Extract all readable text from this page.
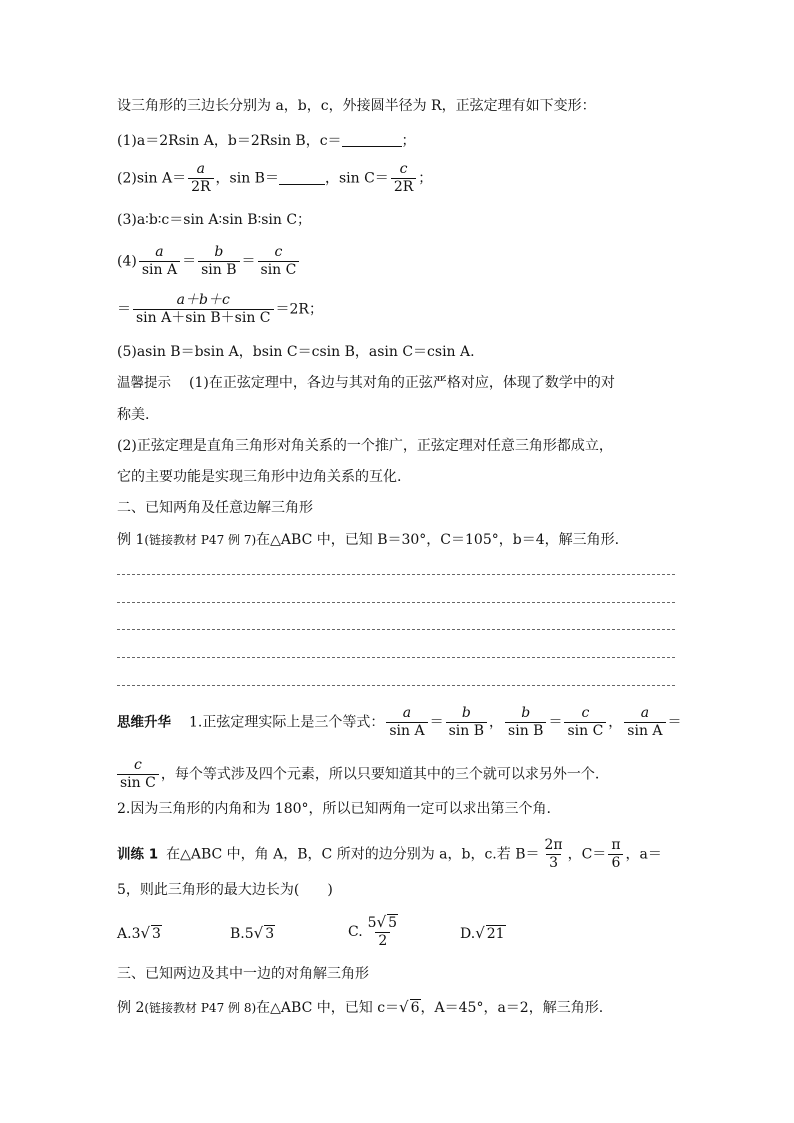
设三角形的三边长分别为 a，b，c，外接圆半径为 R，正弦定理有如下变形：
(1)a＝2Rsin A，b＝2Rsin B，c＝	；
(2)sin $A= \frac{a}{2R}$ ，sin B＝	，$\sin C= \frac{c}{2R}$ ；
(3)a∶b∶c＝sin A∶sin B∶sin C；
$(4) \frac{a}{\text{sin A}} = \frac{b}{\text{sin B}} = \frac{c}{\text{sin C}}$
＝ $\frac{a+b+c}{\text{sin A＋sin B＋sin C}} =2R$；
(5)asin B＝bsin A，bsin C＝csin B，asin C＝csin A.
温馨提示 (1)在正弦定理中，各边与其对角的正弦严格对应，体现了数学中的对
称美.
(2)正弦定理是直角三角形对角关系的一个推广，正弦定理对任意三角形都成立，
它的主要功能是实现三角形中边角关系的互化.
二、已知两角及任意边解三角形
例 1(链接教材 P47 例 7)在△ABC 中，已知 B＝30°，C＝105°，b＝4，解三角形.
思维升华 1.正弦定理实际上是三个等式： $\frac{a}{\text{sin A}} = \frac{b}{\text{sin B}}$ ， $\frac{b}{\text{sin B}} = \frac{c}{\text{sin C}}$ ， $\frac{a}{\text{sin A}}$ ＝
$\frac{c}{\text{sin C}}$ ，每个等式涉及四个元素，所以只要知道其中的三个就可以求另外一个.
2.因为三角形的内角和为 180°，所以已知两角一定可以求出第三个角.
训练 1 在△ABC 中，角 A，B，C 所对的边分别为 a，b，c.若 $B= \frac{2\pi}{3}$ ，$C= \frac{\pi}{6}$ ，a＝
5，则此三角形的最大边长为(　　)
A.3√ 3	B.5√ 3	C. $\frac{5√ 5}{2}$	D.√ 21
三、已知两边及其中一边的对角解三角形
例 2(链接教材 P47 例 8)在△ABC 中，已知 c＝√ 6，A＝45°，a＝2，解三角形.
